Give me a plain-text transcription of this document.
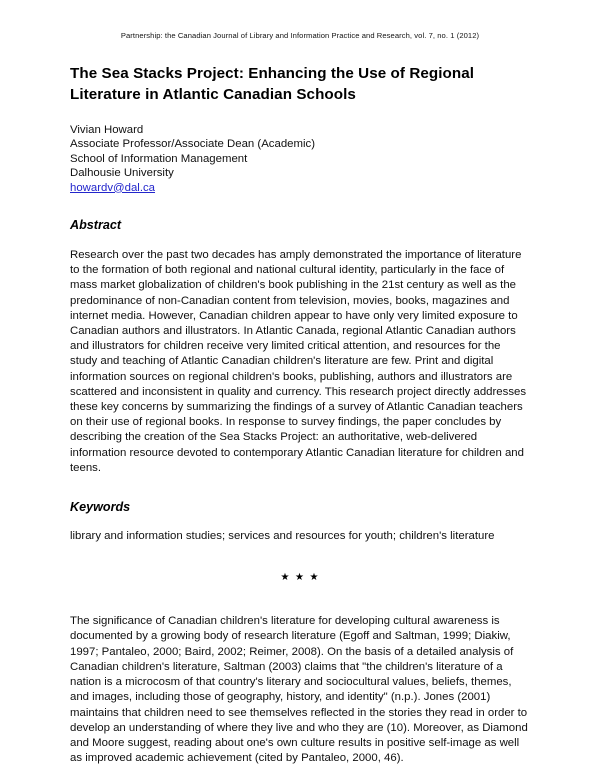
Partnership: the Canadian Journal of Library and Information Practice and Research, vol. 7, no. 1 (2012)
The Sea Stacks Project: Enhancing the Use of Regional Literature in Atlantic Canadian Schools
Vivian Howard
Associate Professor/Associate Dean (Academic)
School of Information Management
Dalhousie University
howardv@dal.ca
Abstract

Research over the past two decades has amply demonstrated the importance of literature to the formation of both regional and national cultural identity, particularly in the face of mass market globalization of children's book publishing in the 21st century as well as the predominance of non-Canadian content from television, movies, books, magazines and internet media. However, Canadian children appear to have only very limited exposure to Canadian authors and illustrators. In Atlantic Canada, regional Atlantic Canadian authors and illustrators for children receive very limited critical attention, and resources for the study and teaching of Atlantic Canadian children's literature are few. Print and digital information sources on regional children's books, publishing, authors and illustrators are scattered and inconsistent in quality and currency. This research project directly addresses these key concerns by summarizing the findings of a survey of Atlantic Canadian teachers on their use of regional books. In response to survey findings, the paper concludes by describing the creation of the Sea Stacks Project: an authoritative, web-delivered information resource devoted to contemporary Atlantic Canadian literature for children and teens.

Keywords

library and information studies; services and resources for youth; children's literature

★★★

The significance of Canadian children's literature for developing cultural awareness is documented by a growing body of research literature (Egoff and Saltman, 1999; Diakiw, 1997; Pantaleo, 2000; Baird, 2002; Reimer, 2008). On the basis of a detailed analysis of Canadian children's literature, Saltman (2003) claims that "the children's literature of a nation is a microcosm of that country's literary and sociocultural values, beliefs, themes, and images, including those of geography, history, and identity" (n.p.). Jones (2001) maintains that children need to see themselves reflected in the stories they read in order to develop an understanding of where they live and who they are (10). Moreover, as Diamond and Moore suggest, reading about one's own culture results in positive self-image as well as improved academic achievement (cited by Pantaleo, 2000, 46).
